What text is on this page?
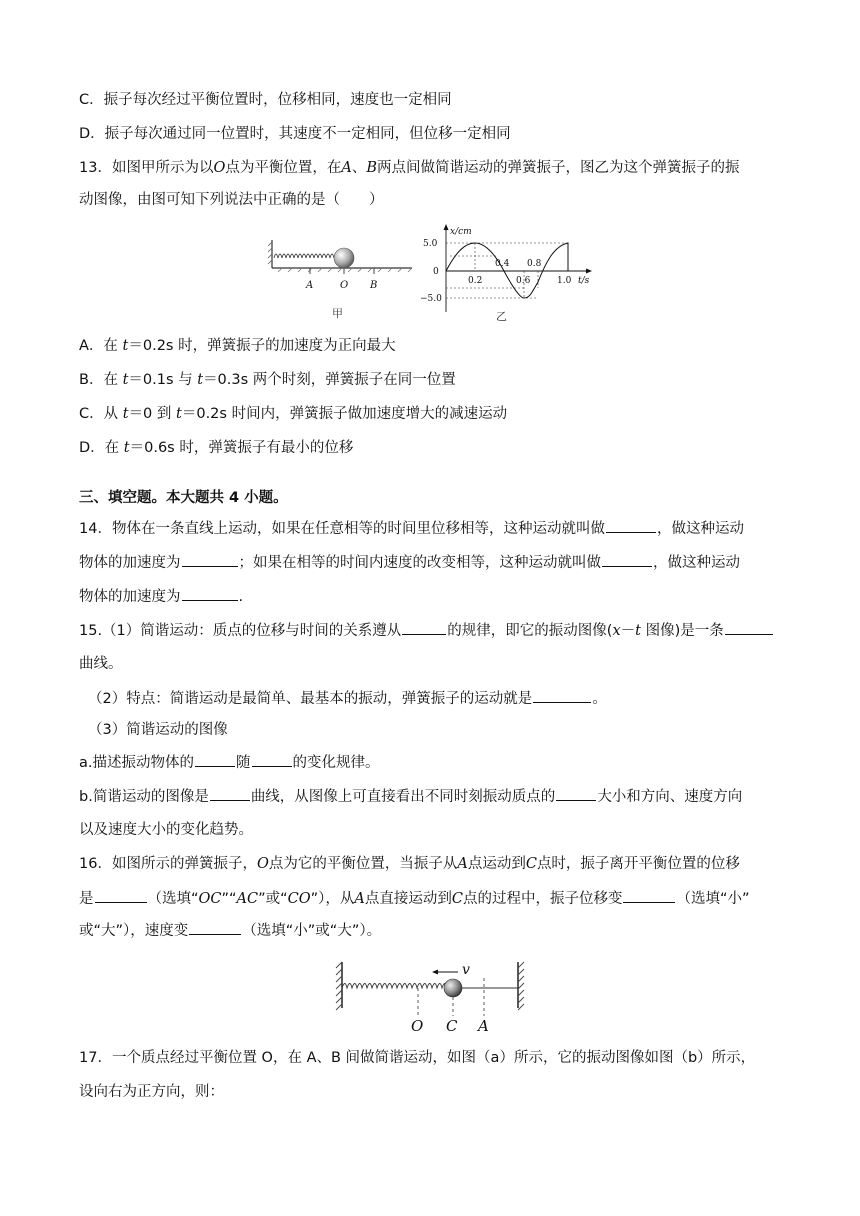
C．振子每次经过平衡位置时，位移相同，速度也一定相同
D．振子每次通过同一位置时，其速度不一定相同，但位移一定相同
13．如图甲所示为以O点为平衡位置，在A、B两点间做简谐运动的弹簧振子，图乙为这个弹簧振子的振
动图像，由图可知下列说法中正确的是（　　）
A	O B
甲
x/cm
t/s
5.0
0
−5.0
0.2
0.4
0.6
0.8
1.0
乙
A．在 t＝0.2s 时，弹簧振子的加速度为正向最大
B．在 t＝0.1s 与 t＝0.3s 两个时刻，弹簧振子在同一位置
C．从 t＝0 到 t＝0.2s 时间内，弹簧振子做加速度增大的减速运动
D．在 t＝0.6s 时，弹簧振子有最小的位移
三、填空题。本大题共 4 小题。
14．物体在一条直线上运动，如果在任意相等的时间里位移相等，这种运动就叫做	，做这种运动
物体的加速度为	；如果在相等的时间内速度的改变相等，这种运动就叫做	，做这种运动
物体的加速度为	.
15.（1）简谐运动：质点的位移与时间的关系遵从	的规律，即它的振动图像(x－t 图像)是一条
曲线。
（2）特点：简谐运动是最简单、最基本的振动，弹簧振子的运动就是	。
（3）简谐运动的图像
a.描述振动物体的	随	的变化规律。
b.简谐运动的图像是	曲线，从图像上可直接看出不同时刻振动质点的	大小和方向、速度方向
以及速度大小的变化趋势。
16．如图所示的弹簧振子，O点为它的平衡位置，当振子从A点运动到C点时，振子离开平衡位置的位移
是	（选填“OC”“AC”或“CO”），从A点直接运动到C点的过程中，振子位移变	（选填“小”
或“大”），速度变	（选填“小”或“大”）。
v
O C A
17．一个质点经过平衡位置 O，在 A、B 间做简谐运动，如图（a）所示，它的振动图像如图（b）所示，
设向右为正方向，则：
